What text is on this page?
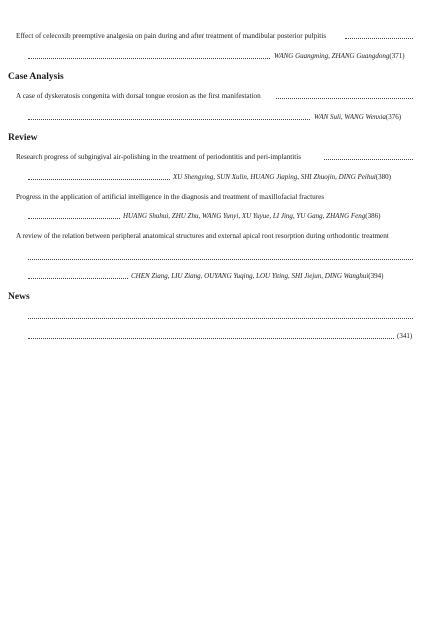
Effect of celecoxib preemptive analgesia on pain during and after treatment of mandibular posterior pulpitis
WANG Guangming, ZHANG Guangdong(371)
Case Analysis
A case of dyskeratosis congenita with dorsal tongue erosion as the first manifestation
WAN Suli, WANG Wenxia(376)
Review
Research progress of subgingival air-polishing in the treatment of periodontitis and peri-implantitis
XU Shengying, SUN Xulin, HUANG Jiaping, SHI Zhuojin, DING Peihui(380)
Progress in the application of artificial intelligence in the diagnosis and treatment of maxillofacial fractures
HUANG Shuhui, ZHU Zhu, WANG Yunyi, XU Yuyue, LI Jing, YU Gang, ZHANG Feng(386)
A review of the relation between peripheral anatomical structures and external apical root resorption during orthodontic treatment
CHEN Ziang, LIU Ziang, OUYANG Yuqing, LOU Yiting, SHI Jiejun, DING Wanghui(394)
News
(341)
